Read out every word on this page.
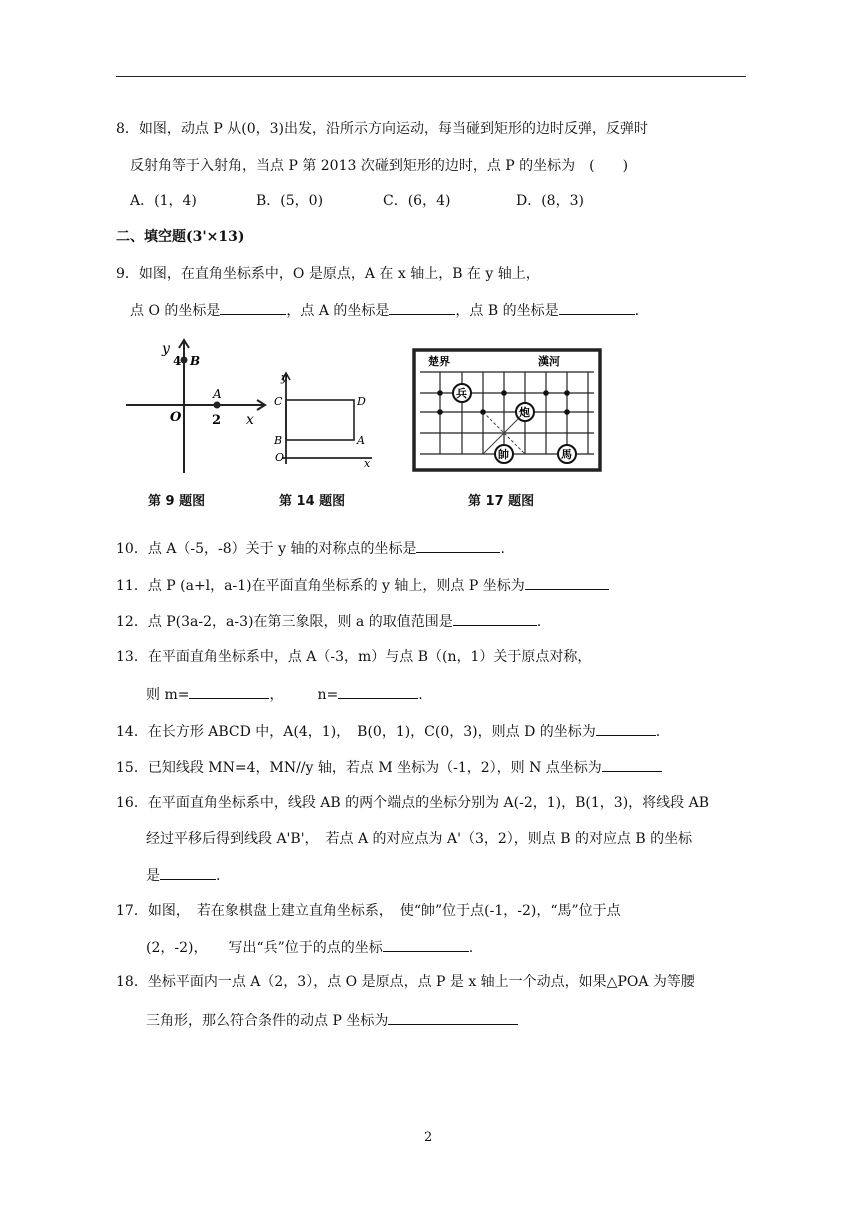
8．如图，动点 P 从(0，3)出发，沿所示方向运动，每当碰到矩形的边时反弹，反弹时
反射角等于入射角，当点 P 第 2013 次碰到矩形的边时，点 P 的坐标为　(　　)
A．(1，4)	B．(5，0)	C．(6，4)	D．(8，3)
二、填空题(3'×13)
9．如图，在直角坐标系中，O 是原点，A 在 x 轴上，B 在 y 轴上，
点 O 的坐标是	，点 A 的坐标是	，点 B 的坐标是	.
y
4 B
O
A
2 x
第 9 题图
y
C	D
B	A
O	x
第 14 题图
楚界	漢河
兵
炮
帥	馬
第 17 题图
10．点 A（-5，-8）关于 y 轴的对称点的坐标是	.
11．点 P (a+l，a-1)在平面直角坐标系的 y 轴上，则点 P 坐标为
12．点 P(3a-2，a-3)在第三象限，则 a 的取值范围是	.
13．在平面直角坐标系中，点 A（-3，m）与点 B（(n，1）关于原点对称，
则 m=	， n=	.
14．在长方形 ABCD 中，A(4，1)，　B(0，1)，C(0，3)，则点 D 的坐标为	.
15．已知线段 MN=4，MN//y 轴，若点 M 坐标为（-1，2），则 N 点坐标为
16．在平面直角坐标系中，线段 AB 的两个端点的坐标分别为 A(-2，1)，B(1，3)，将线段 AB
经过平移后得到线段 A'B'，　若点 A 的对应点为 A'（3，2），则点 B 的对应点 B 的坐标
是	.
17．如图，　若在象棋盘上建立直角坐标系，　使“帥”位于点(-1，-2)，“馬”位于点
(2，-2)，　　写出“兵”位于的点的坐标	.
18．坐标平面内一点 A（2，3），点 O 是原点，点 P 是 x 轴上一个动点，如果△POA 为等腰
三角形，那么符合条件的动点 P 坐标为
2
